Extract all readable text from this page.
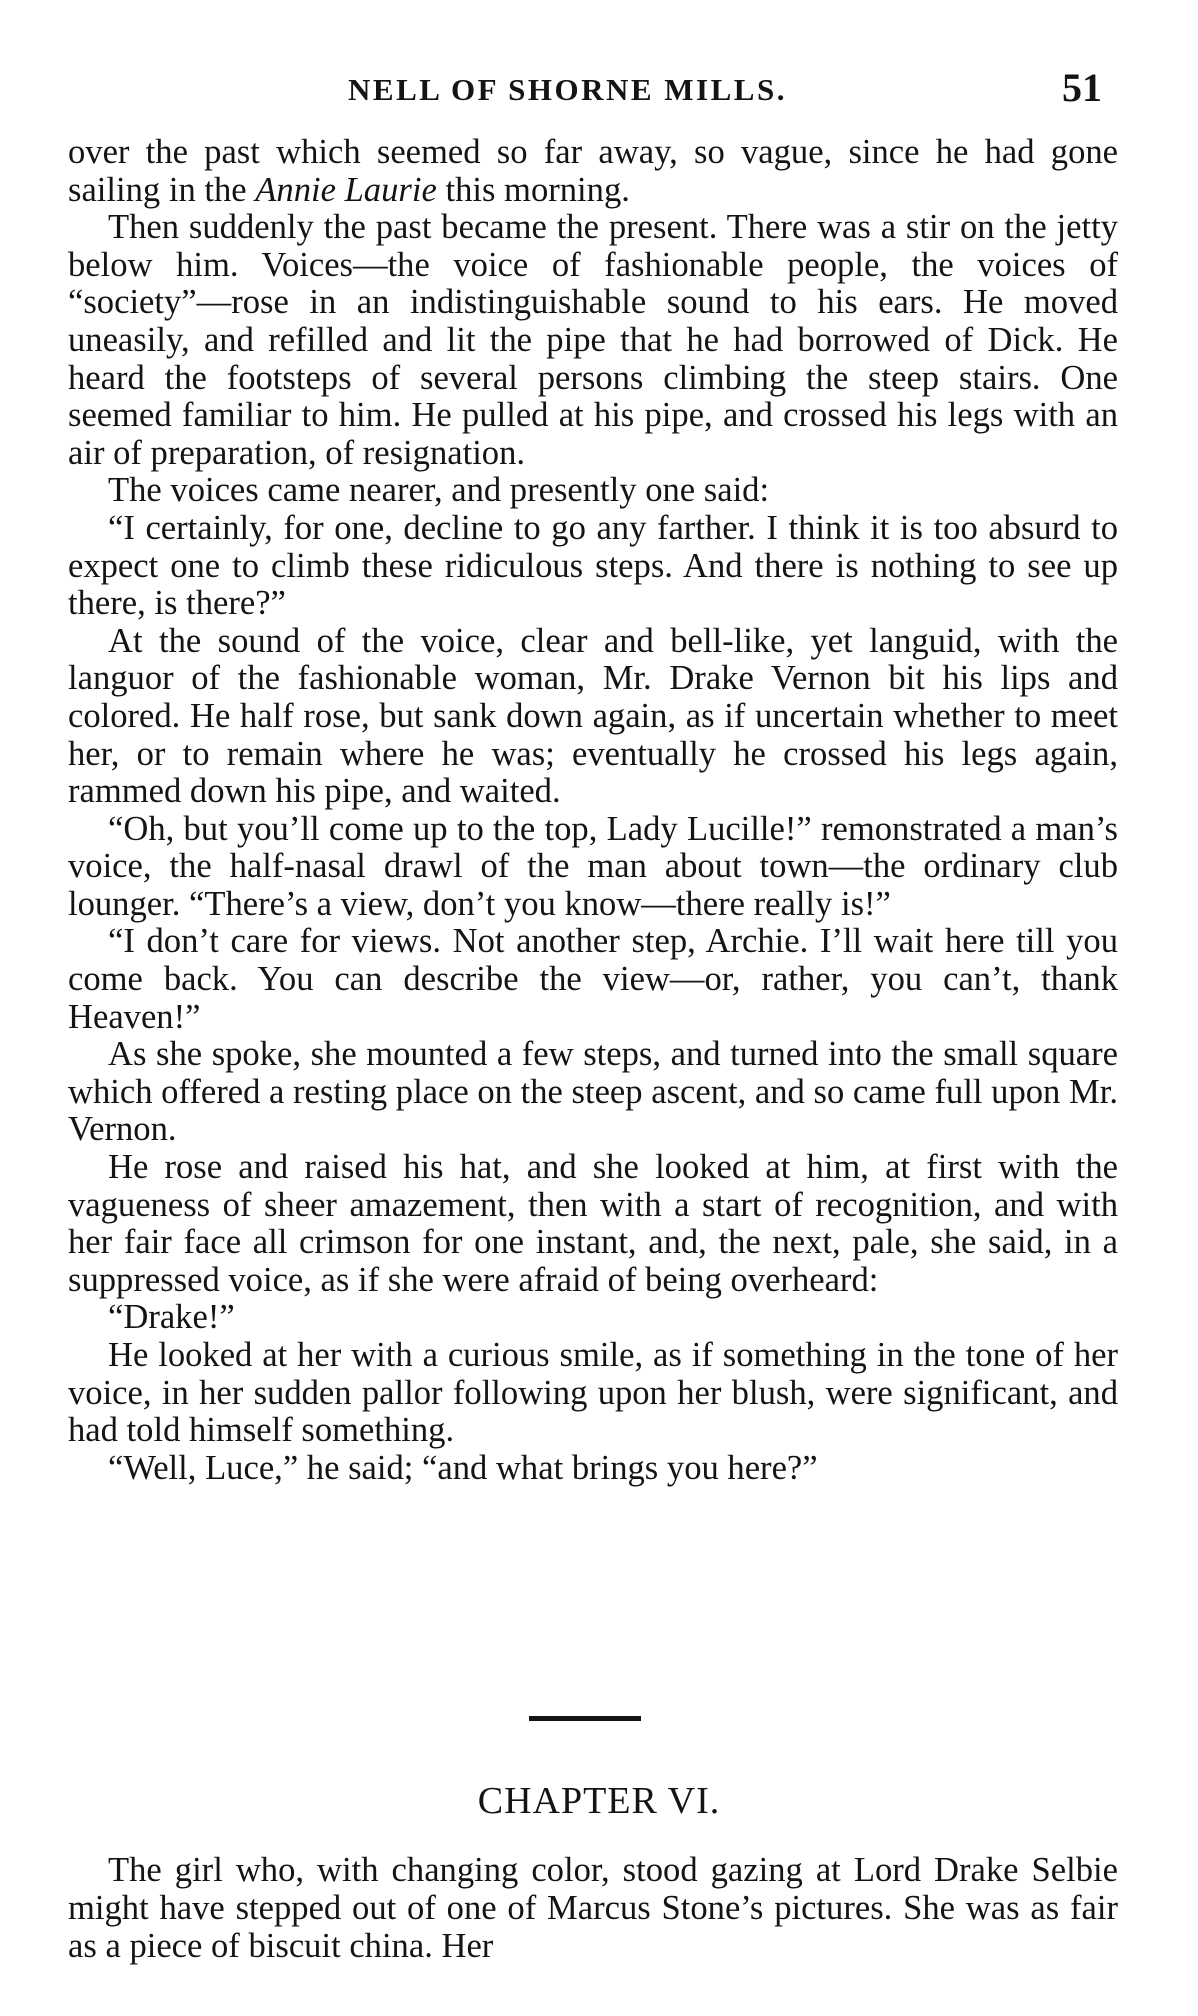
NELL OF SHORNE MILLS.	51

over the past which seemed so far away, so vague, since he had gone sailing in the Annie Laurie this morning.

Then suddenly the past became the present. There was a stir on the jetty below him. Voices—the voice of fashionable people, the voices of “society”—rose in an indistinguishable sound to his ears. He moved uneasily, and refilled and lit the pipe that he had borrowed of Dick. He heard the footsteps of several persons climbing the steep stairs. One seemed familiar to him. He pulled at his pipe, and crossed his legs with an air of preparation, of resignation.

The voices came nearer, and presently one said:

“I certainly, for one, decline to go any farther. I think it is too absurd to expect one to climb these ridiculous steps. And there is nothing to see up there, is there?”

At the sound of the voice, clear and bell-like, yet languid, with the languor of the fashionable woman, Mr. Drake Vernon bit his lips and colored. He half rose, but sank down again, as if uncertain whether to meet her, or to remain where he was; eventually he crossed his legs again, rammed down his pipe, and waited.

“Oh, but you’ll come up to the top, Lady Lucille!” remonstrated a man’s voice, the half-nasal drawl of the man about town—the ordinary club lounger. “There’s a view, don’t you know—there really is!”

“I don’t care for views. Not another step, Archie. I’ll wait here till you come back. You can describe the view—or, rather, you can’t, thank Heaven!”

As she spoke, she mounted a few steps, and turned into the small square which offered a resting place on the steep ascent, and so came full upon Mr. Vernon.

He rose and raised his hat, and she looked at him, at first with the vagueness of sheer amazement, then with a start of recognition, and with her fair face all crimson for one instant, and, the next, pale, she said, in a suppressed voice, as if she were afraid of being overheard:

“Drake!”

He looked at her with a curious smile, as if something in the tone of her voice, in her sudden pallor following upon her blush, were significant, and had told himself something.

“Well, Luce,” he said; “and what brings you here?”

CHAPTER VI.

The girl who, with changing color, stood gazing at Lord Drake Selbie might have stepped out of one of Marcus Stone’s pictures. She was as fair as a piece of biscuit china. Her
